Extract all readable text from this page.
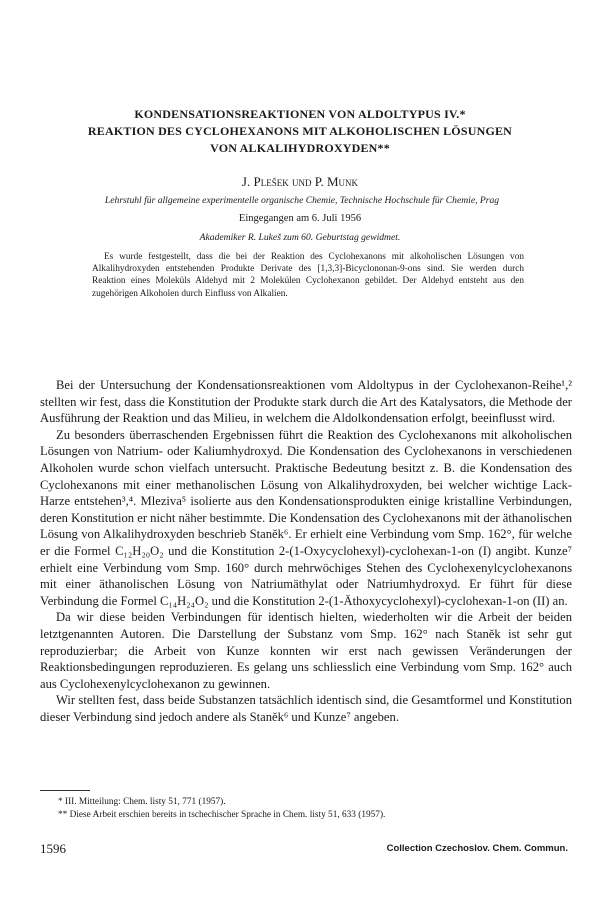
KONDENSATIONSREAKTIONEN VON ALDOLTYPUS IV.*
REAKTION DES CYCLOHEXANONS MIT ALKOHOLISCHEN LÖSUNGEN
VON ALKALIHYDROXYDEN**
J. Plešek und P. Munk
Lehrstuhl für allgemeine experimentelle organische Chemie, Technische Hochschule für Chemie, Prag
Eingegangen am 6. Juli 1956
Akademiker R. Lukeš zum 60. Geburtstag gewidmet.
Es wurde festgestellt, dass die bei der Reaktion des Cyclohexanons mit alkoholischen Lösungen von Alkalihydroxyden entstehenden Produkte Derivate des [1,3,3]-Bicyclononan-9-ons sind. Sie werden durch Reaktion eines Moleküls Aldehyd mit 2 Molekülen Cyclohexanon gebildet. Der Aldehyd entsteht aus den zugehörigen Alkoholen durch Einfluss von Alkalien.

Bei der Untersuchung der Kondensationsreaktionen vom Aldoltypus in der Cyclohexanon-Reihe¹,² stellten wir fest, dass die Konstitution der Produkte stark durch die Art des Katalysators, die Methode der Ausführung der Reaktion und das Milieu, in welchem die Aldolkondensation erfolgt, beeinflusst wird.

Zu besonders überraschenden Ergebnissen führt die Reaktion des Cyclohexanons mit alkoholischen Lösungen von Natrium- oder Kaliumhydroxyd. Die Kondensation des Cyclohexanons in verschiedenen Alkoholen wurde schon vielfach untersucht. Praktische Bedeutung besitzt z. B. die Kondensation des Cyclohexanons mit einer methanolischen Lösung von Alkalihydroxyden, bei welcher wichtige Lack-Harze entstehen³,⁴. Mleziva⁵ isolierte aus den Kondensationsprodukten einige kristalline Verbindungen, deren Konstitution er nicht näher bestimmte. Die Kondensation des Cyclohexanons mit der äthanolischen Lösung von Alkalihydroxyden beschrieb Staněk⁶. Er erhielt eine Verbindung vom Smp. 162°, für welche er die Formel C₁₂H₂₀O₂ und die Konstitution 2-(1-Oxycyclohexyl)-cyclohexan-1-on (I) angibt. Kunze⁷ erhielt eine Verbindung vom Smp. 160° durch mehrwöchiges Stehen des Cyclohexenylcyclohexanons mit einer äthanolischen Lösung von Natriumäthylat oder Natriumhydroxyd. Er führt für diese Verbindung die Formel C₁₄H₂₄O₂ und die Konstitution 2-(1-Äthoxycyclohexyl)-cyclohexan-1-on (II) an.

Da wir diese beiden Verbindungen für identisch hielten, wiederholten wir die Arbeit der beiden letztgenannten Autoren. Die Darstellung der Substanz vom Smp. 162° nach Staněk ist sehr gut reproduzierbar; die Arbeit von Kunze konnten wir erst nach gewissen Veränderungen der Reaktionsbedingungen reproduzieren. Es gelang uns schliesslich eine Verbindung vom Smp. 162° auch aus Cyclohexenylcyclohexanon zu gewinnen.

Wir stellten fest, dass beide Substanzen tatsächlich identisch sind, die Gesamtformel und Konstitution dieser Verbindung sind jedoch andere als Staněk⁶ und Kunze⁷ angeben.

* III. Mitteilung: Chem. listy 51, 771 (1957).
** Diese Arbeit erschien bereits in tschechischer Sprache in Chem. listy 51, 633 (1957).
1596	Collection Czechoslov. Chem. Commun.
